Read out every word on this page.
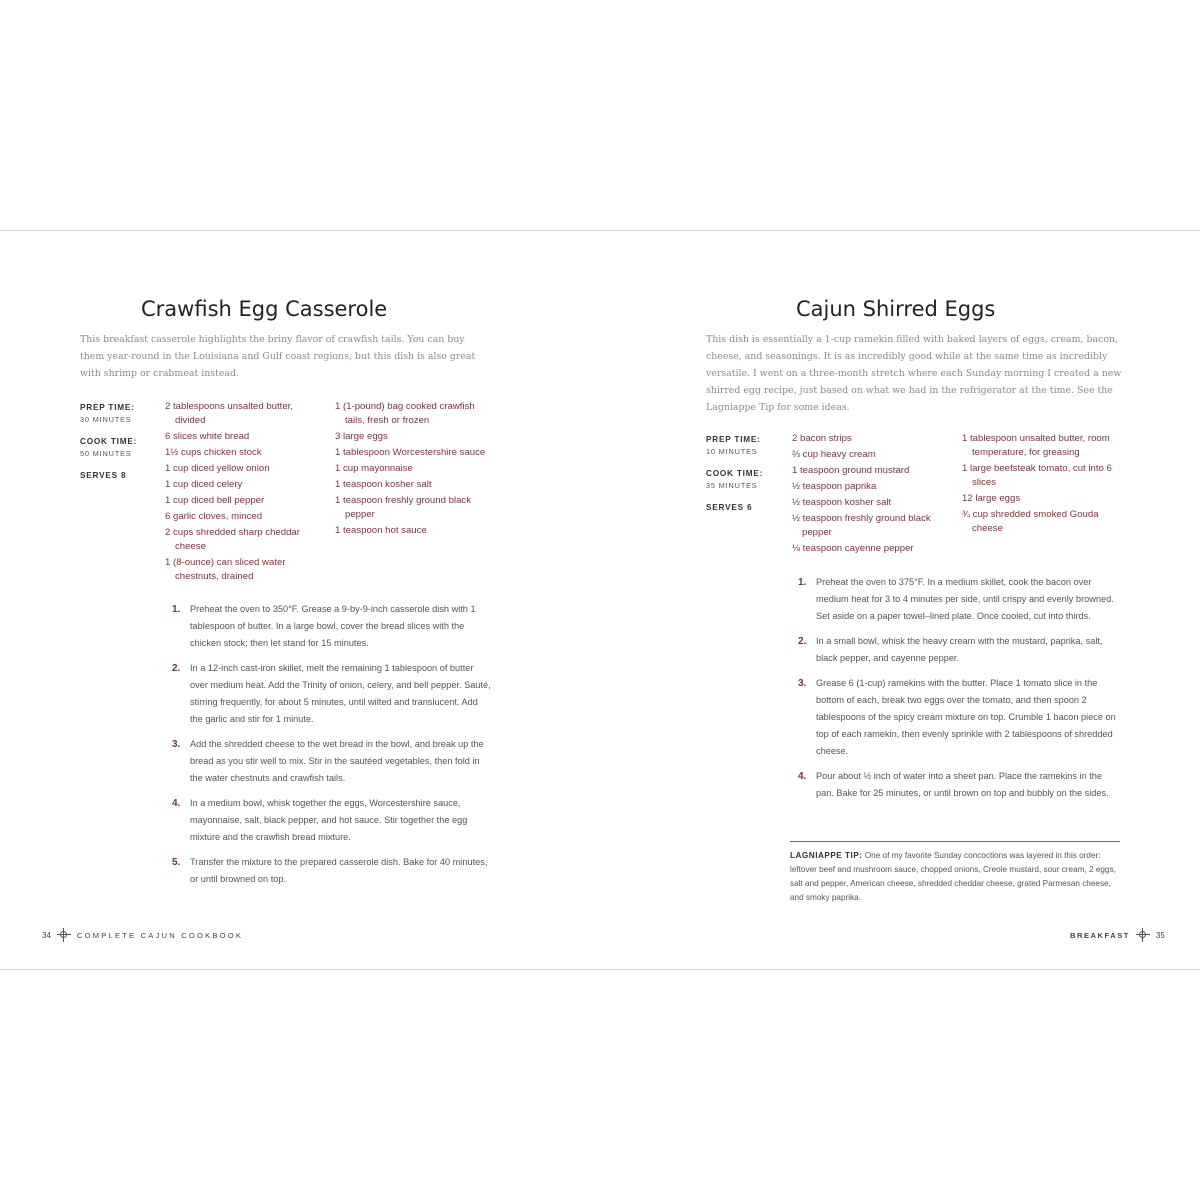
Crawfish Egg Casserole

This breakfast casserole highlights the briny flavor of crawfish tails. You can buy them year-round in the Louisiana and Gulf coast regions, but this dish is also great with shrimp or crabmeat instead.

PREP TIME:
30 MINUTES
COOK TIME:
50 MINUTES
SERVES 8
2 tablespoons unsalted butter, divided
6 slices white bread
1½ cups chicken stock
1 cup diced yellow onion
1 cup diced celery
1 cup diced bell pepper
6 garlic cloves, minced
2 cups shredded sharp cheddar cheese
1 (8-ounce) can sliced water chestnuts, drained
1 (1-pound) bag cooked crawfish tails, fresh or frozen
3 large eggs
1 tablespoon Worcestershire sauce
1 cup mayonnaise
1 teaspoon kosher salt
1 teaspoon freshly ground black pepper
1 teaspoon hot sauce
1. Preheat the oven to 350°F. Grease a 9-by-9-inch casserole dish with 1 tablespoon of butter. In a large bowl, cover the bread slices with the chicken stock; then let stand for 15 minutes.
2. In a 12-inch cast-iron skillet, melt the remaining 1 tablespoon of butter over medium heat. Add the Trinity of onion, celery, and bell pepper. Sauté, stirring frequently, for about 5 minutes, until wilted and translucent. Add the garlic and stir for 1 minute.
3. Add the shredded cheese to the wet bread in the bowl, and break up the bread as you stir well to mix. Stir in the sautéed vegetables, then fold in the water chestnuts and crawfish tails.
4. In a medium bowl, whisk together the eggs, Worcestershire sauce, mayonnaise, salt, black pepper, and hot sauce. Stir together the egg mixture and the crawfish bread mixture.
5. Transfer the mixture to the prepared casserole dish. Bake for 40 minutes, or until browned on top.
34	COMPLETE CAJUN COOKBOOK
Cajun Shirred Eggs

This dish is essentially a 1-cup ramekin filled with baked layers of eggs, cream, bacon, cheese, and seasonings. It is as incredibly good while at the same time as incredibly versatile. I went on a three-month stretch where each Sunday morning I created a new shirred egg recipe, just based on what we had in the refrigerator at the time. See the Lagniappe Tip for some ideas.

PREP TIME:
10 MINUTES
COOK TIME:
35 MINUTES
SERVES 6
2 bacon strips
⅔ cup heavy cream
1 teaspoon ground mustard
½ teaspoon paprika
½ teaspoon kosher salt
½ teaspoon freshly ground black pepper
⅛ teaspoon cayenne pepper
1 tablespoon unsalted butter, room temperature, for greasing
1 large beefsteak tomato, cut into 6 slices
12 large eggs
¾ cup shredded smoked Gouda cheese
1. Preheat the oven to 375°F. In a medium skillet, cook the bacon over medium heat for 3 to 4 minutes per side, until crispy and evenly browned. Set aside on a paper towel–lined plate. Once cooled, cut into thirds.
2. In a small bowl, whisk the heavy cream with the mustard, paprika, salt, black pepper, and cayenne pepper.
3. Grease 6 (1-cup) ramekins with the butter. Place 1 tomato slice in the bottom of each, break two eggs over the tomato, and then spoon 2 tablespoons of the spicy cream mixture on top. Crumble 1 bacon piece on top of each ramekin, then evenly sprinkle with 2 tablespoons of shredded cheese.
4. Pour about ½ inch of water into a sheet pan. Place the ramekins in the pan. Bake for 25 minutes, or until brown on top and bubbly on the sides.

LAGNIAPPE TIP: One of my favorite Sunday concoctions was layered in this order: leftover beef and mushroom sauce, chopped onions, Creole mustard, sour cream, 2 eggs, salt and pepper, American cheese, shredded cheddar cheese, grated Parmesan cheese, and smoky paprika.

BREAKFAST	35
